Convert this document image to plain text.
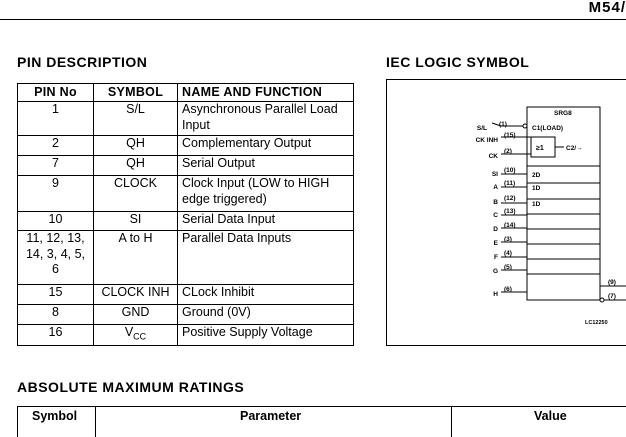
M54/
PIN DESCRIPTION	IEC LOGIC SYMBOL
PIN No	SYMBOL	NAME AND FUNCTION
1	$S/\overline{L}$	Asynchronous Parallel Load Input
2	$\overline{QH}$	Complementary Output
7	QH	Serial Output
9	CLOCK	Clock Input (LOW to HIGH edge triggered)
10	SI	Serial Data Input
11, 12, 13, 14, 3, 4, 5, 6	A to H	Parallel Data Inputs
15	CLOCK INH	CLock Inhibit
8	GND	Ground (0V)
16	$V_{CC}$	Positive Supply Voltage
SRG8
C1(LOAD)
≥1	C2/→
2D
1D
1D
S/L
(1)
CK INH
(15)
CK
(2)
SI
(10)
A
(11)
B
(12)
C
(13)
D
(14)
E
(3)
F
(4)
G
(5)
H
(6)
(9)
(7)
LC12250
ABSOLUTE MAXIMUM RATINGS
Symbol	Parameter	Value
